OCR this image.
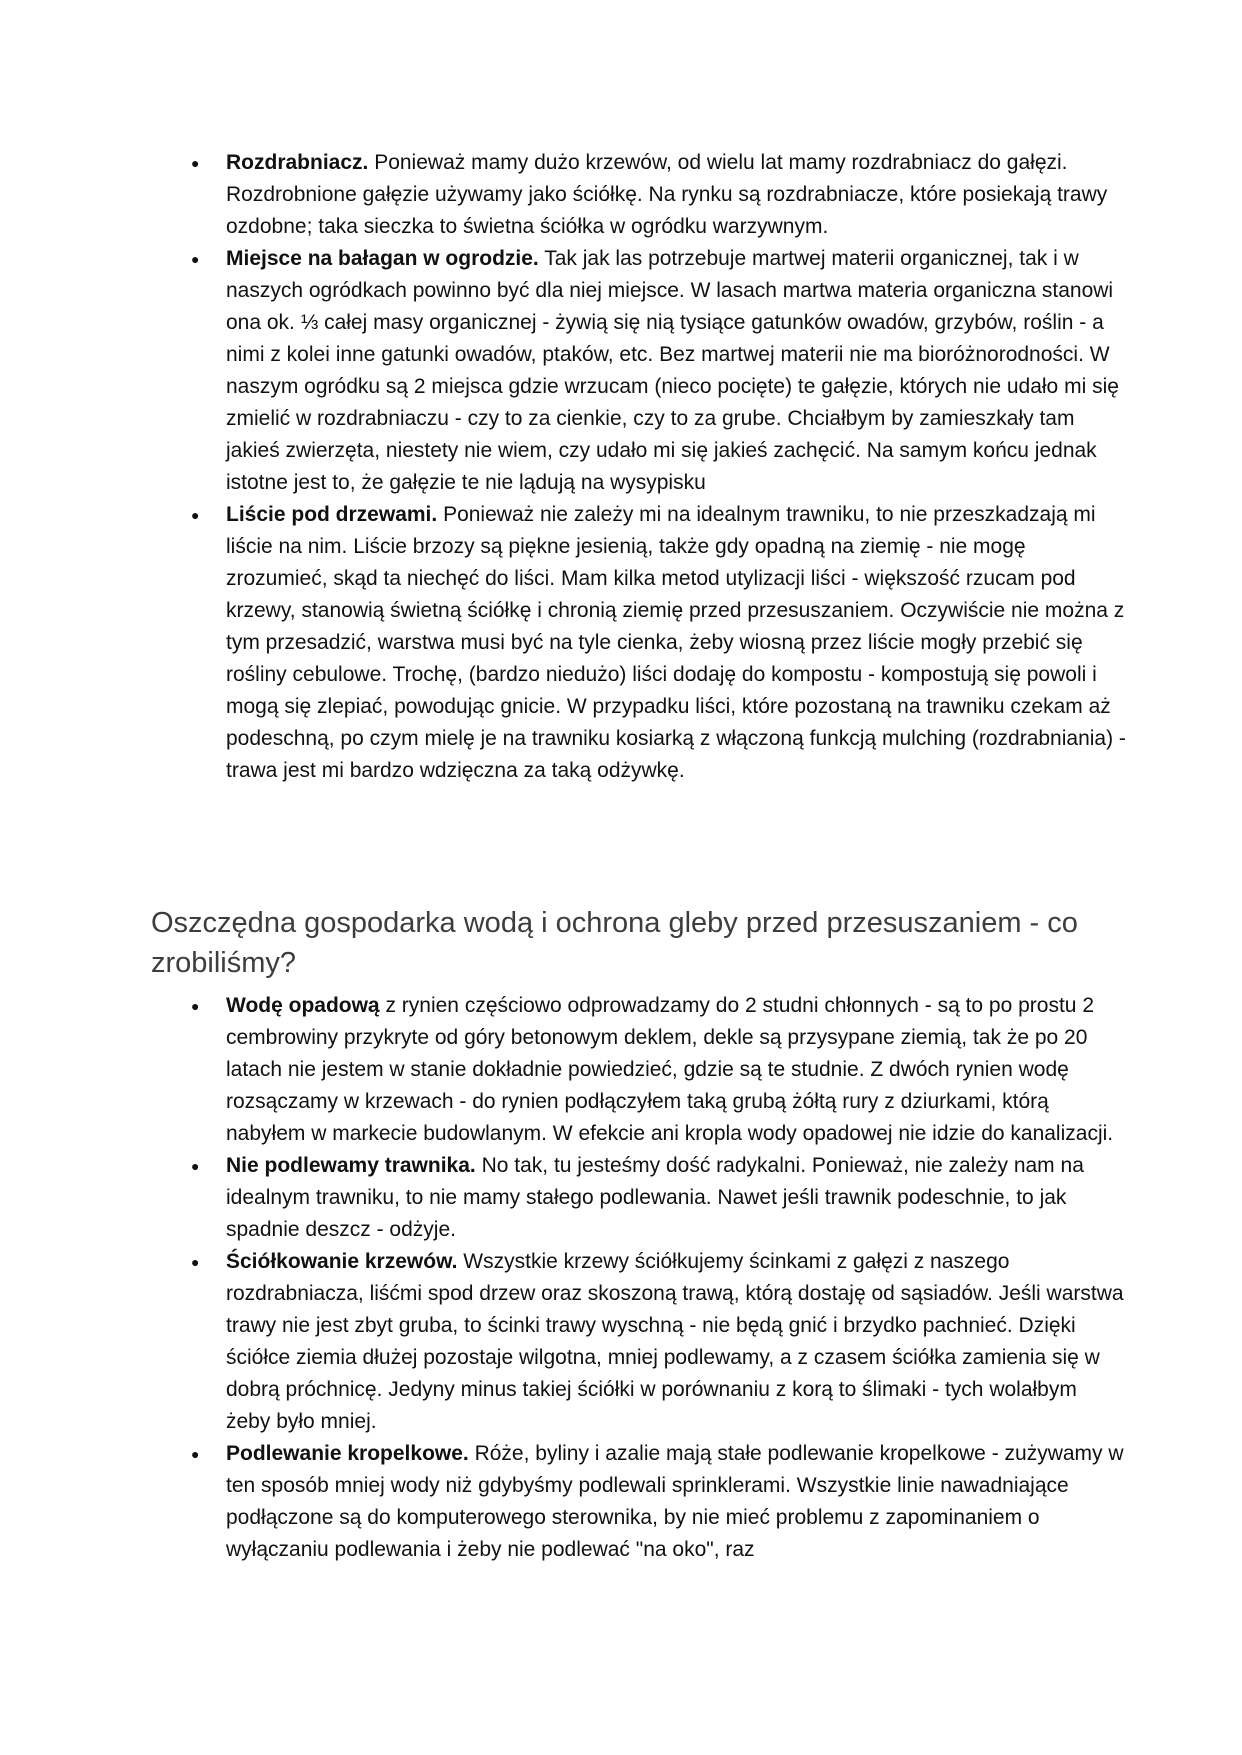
● Rozdrabniacz. Ponieważ mamy dużo krzewów, od wielu lat mamy rozdrabniacz do gałęzi. Rozdrobnione gałęzie używamy jako ściółkę. Na rynku są rozdrabniacze, które posiekają trawy ozdobne; taka sieczka to świetna ściółka w ogródku warzywnym.
● Miejsce na bałagan w ogrodzie. Tak jak las potrzebuje martwej materii organicznej, tak i w naszych ogródkach powinno być dla niej miejsce. W lasach martwa materia organiczna stanowi ona ok. ⅓ całej masy organicznej - żywią się nią tysiące gatunków owadów, grzybów, roślin - a nimi z kolei inne gatunki owadów, ptaków, etc. Bez martwej materii nie ma bioróżnorodności. W naszym ogródku są 2 miejsca gdzie wrzucam (nieco pocięte) te gałęzie, których nie udało mi się zmielić w rozdrabniaczu - czy to za cienkie, czy to za grube. Chciałbym by zamieszkały tam jakieś zwierzęta, niestety nie wiem, czy udało mi się jakieś zachęcić. Na samym końcu jednak istotne jest to, że gałęzie te nie lądują na wysypisku
● Liście pod drzewami. Ponieważ nie zależy mi na idealnym trawniku, to nie przeszkadzają mi liście na nim. Liście brzozy są piękne jesienią, także gdy opadną na ziemię - nie mogę zrozumieć, skąd ta niechęć do liści. Mam kilka metod utylizacji liści - większość rzucam pod krzewy, stanowią świetną ściółkę i chronią ziemię przed przesuszaniem. Oczywiście nie można z tym przesadzić, warstwa musi być na tyle cienka, żeby wiosną przez liście mogły przebić się rośliny cebulowe. Trochę, (bardzo niedużo) liści dodaję do kompostu - kompostują się powoli i mogą się zlepiać, powodując gnicie. W przypadku liści, które pozostaną na trawniku czekam aż podeschną, po czym mielę je na trawniku kosiarką z włączoną funkcją mulching (rozdrabniania) - trawa jest mi bardzo wdzięczna za taką odżywkę.
Oszczędna gospodarka wodą i ochrona gleby przed przesuszaniem - co zrobiliśmy?
● Wodę opadową z rynien częściowo odprowadzamy do 2 studni chłonnych - są to po prostu 2 cembrowiny przykryte od góry betonowym deklem, dekle są przysypane ziemią, tak że po 20 latach nie jestem w stanie dokładnie powiedzieć, gdzie są te studnie. Z dwóch rynien wodę rozsączamy w krzewach - do rynien podłączyłem taką grubą żółtą rury z dziurkami, którą nabyłem w markecie budowlanym. W efekcie ani kropla wody opadowej nie idzie do kanalizacji.
● Nie podlewamy trawnika. No tak, tu jesteśmy dość radykalni. Ponieważ, nie zależy nam na idealnym trawniku, to nie mamy stałego podlewania. Nawet jeśli trawnik podeschnie, to jak spadnie deszcz - odżyje.
● Ściółkowanie krzewów. Wszystkie krzewy ściółkujemy ścinkami z gałęzi z naszego rozdrabniacza, liśćmi spod drzew oraz skoszoną trawą, którą dostaję od sąsiadów. Jeśli warstwa trawy nie jest zbyt gruba, to ścinki trawy wyschną - nie będą gnić i brzydko pachnieć. Dzięki ściółce ziemia dłużej pozostaje wilgotna, mniej podlewamy, a z czasem ściółka zamienia się w dobrą próchnicę. Jedyny minus takiej ściółki w porównaniu z korą to ślimaki - tych wolałbym żeby było mniej.
● Podlewanie kropelkowe. Róże, byliny i azalie mają stałe podlewanie kropelkowe - zużywamy w ten sposób mniej wody niż gdybyśmy podlewali sprinklerami. Wszystkie linie nawadniające podłączone są do komputerowego sterownika, by nie mieć problemu z zapominaniem o wyłączaniu podlewania i żeby nie podlewać "na oko", raz
